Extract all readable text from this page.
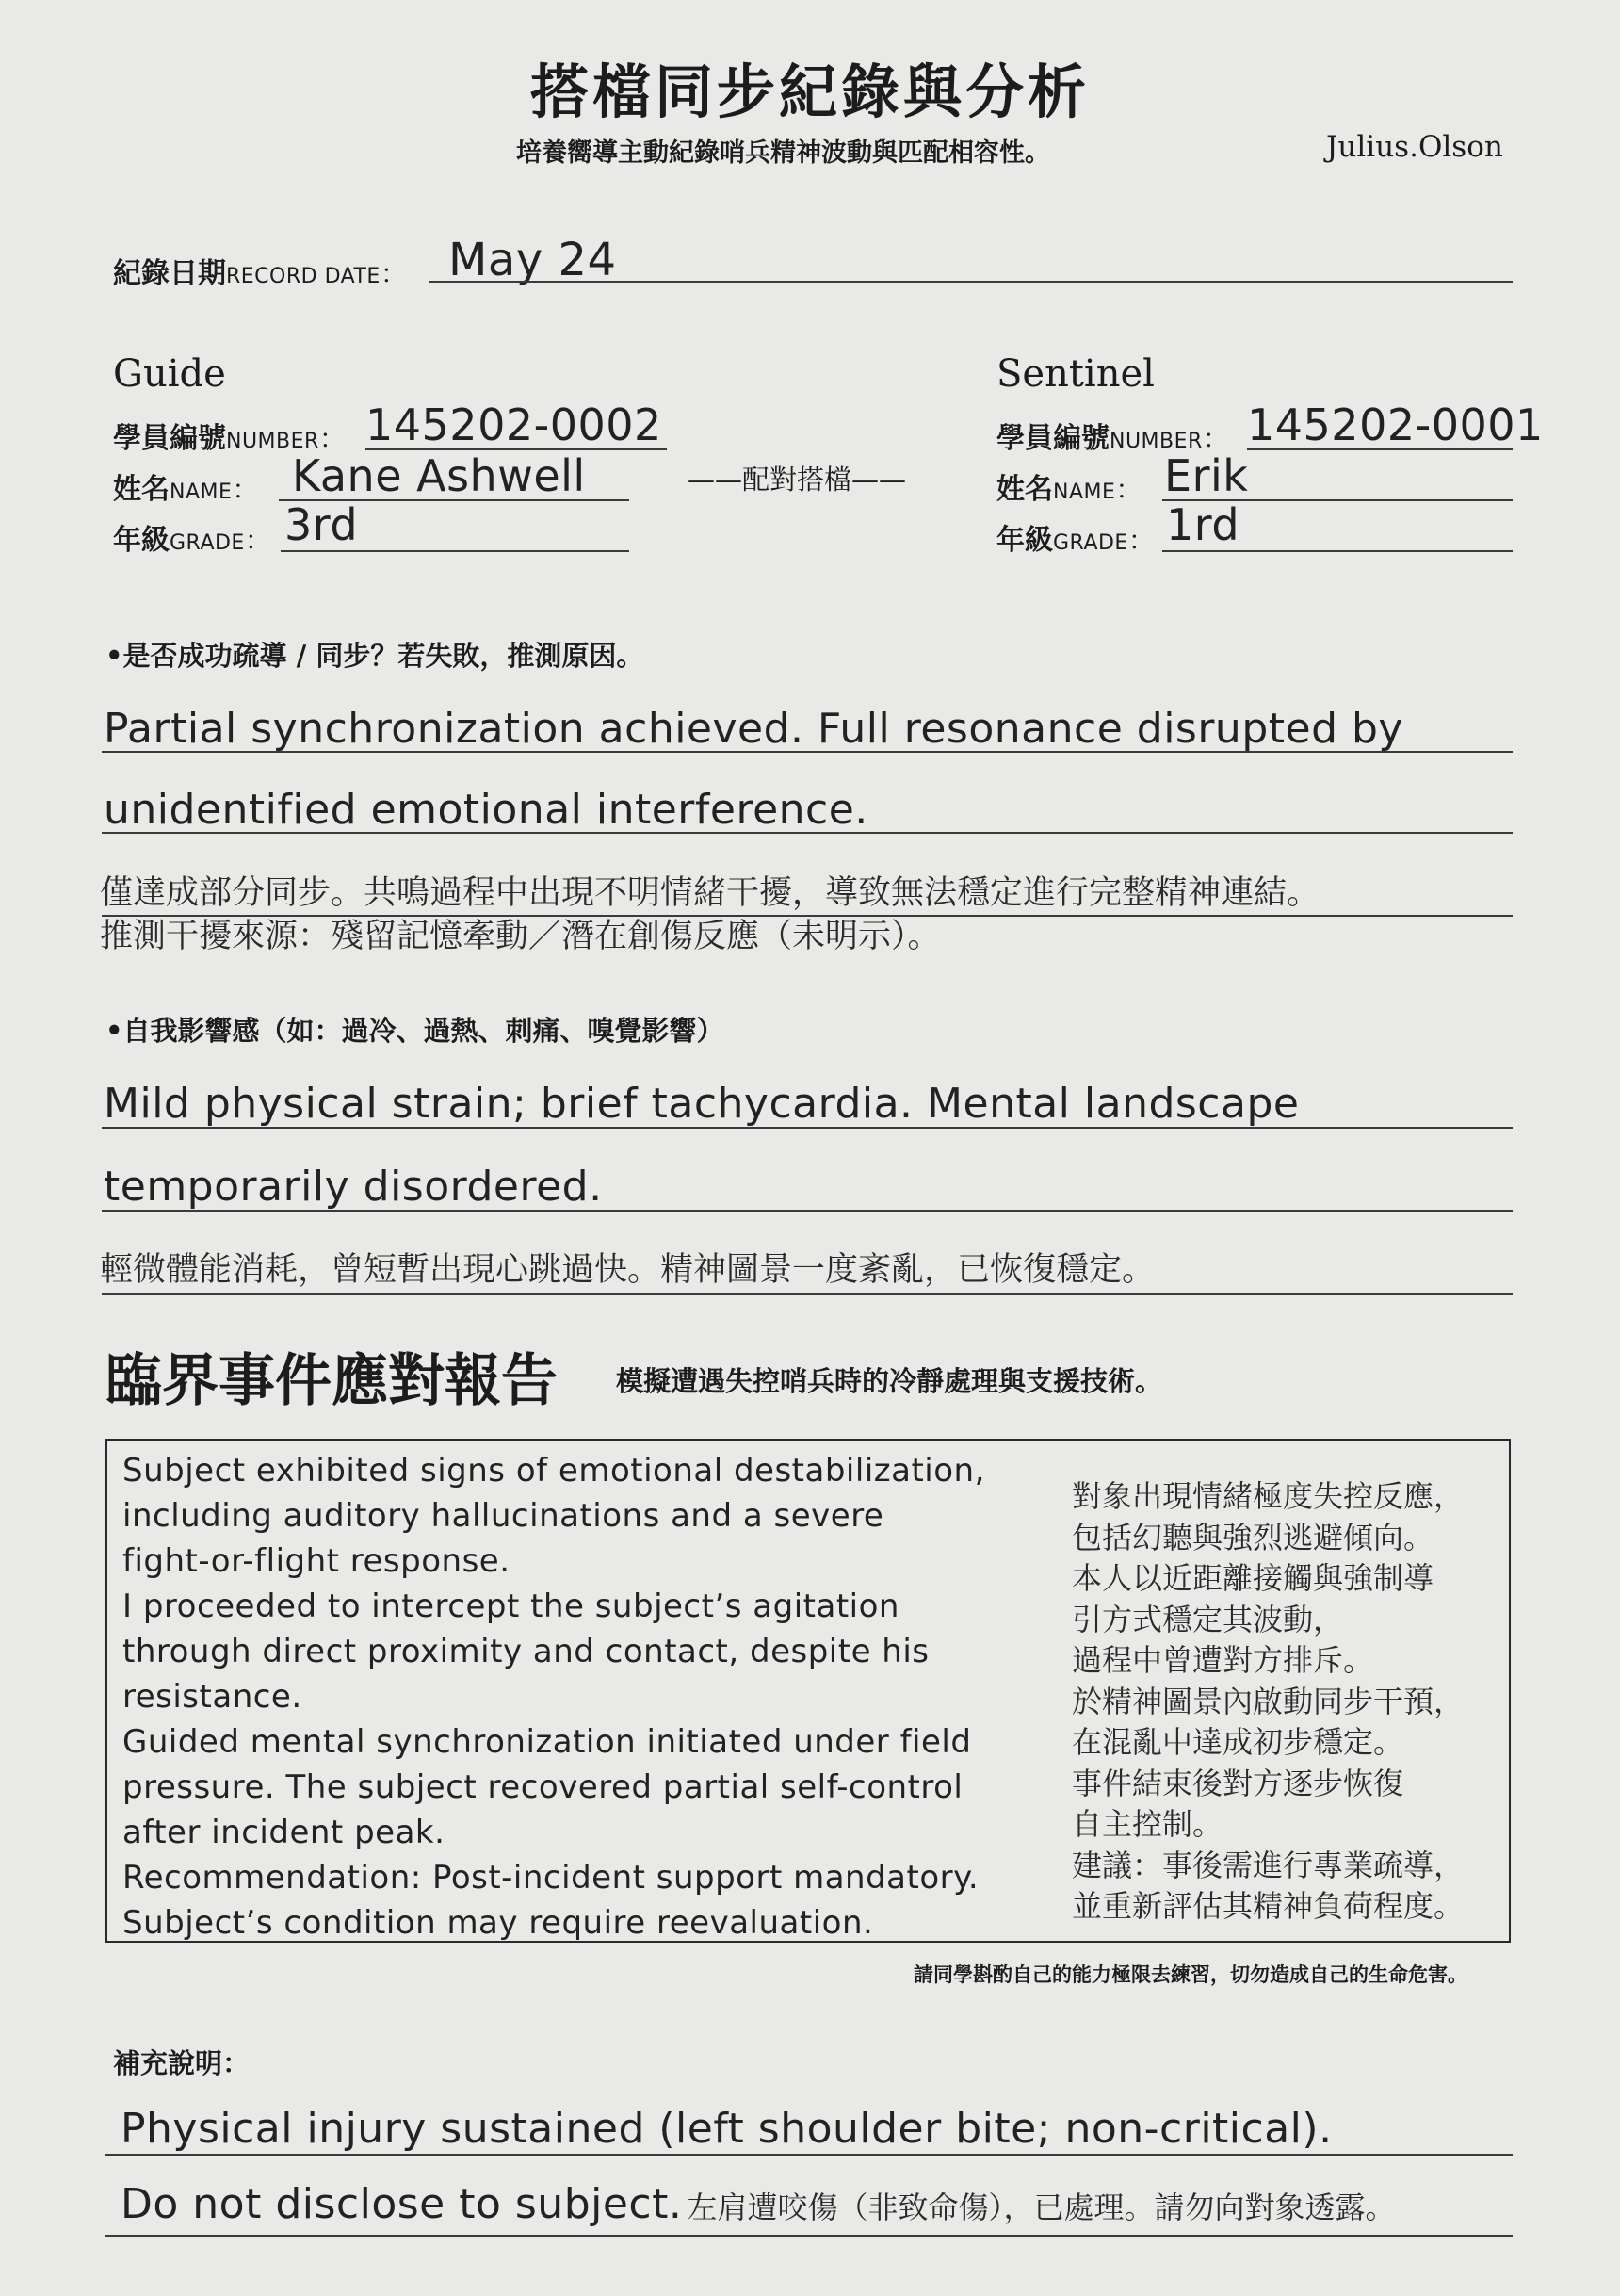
搭檔同步紀錄與分析
培養嚮導主動紀錄哨兵精神波動與匹配相容性。	Julius.Olson
紀錄日期RECORD DATE： May 24
Guide
學員編號NUMBER： 145202-0002
姓名NAME： Kane Ashwell
年級GRADE： 3rd
——配對搭檔——
Sentinel
學員編號NUMBER： 145202-0001
姓名NAME： Erik
年級GRADE： 1rd
•是否成功疏導 / 同步？若失敗，推測原因。
Partial synchronization achieved. Full resonance disrupted by
unidentified emotional interference.
僅達成部分同步。共鳴過程中出現不明情緒干擾，導致無法穩定進行完整精神連結。
推測干擾來源：殘留記憶牽動／潛在創傷反應（未明示）。
•自我影響感（如：過冷、過熱、刺痛、嗅覺影響）
Mild physical strain; brief tachycardia. Mental landscape
temporarily disordered.
輕微體能消耗，曾短暫出現心跳過快。精神圖景一度紊亂，已恢復穩定。
臨界事件應對報告 模擬遭遇失控哨兵時的冷靜處理與支援技術。
Subject exhibited signs of emotional destabilization,
including auditory hallucinations and a severe
fight-or-flight response.
I proceeded to intercept the subject’s agitation
through direct proximity and contact, despite his
resistance.
Guided mental synchronization initiated under field
pressure. The subject recovered partial self-control
after incident peak.
Recommendation: Post-incident support mandatory.
Subject’s condition may require reevaluation.
對象出現情緒極度失控反應，
包括幻聽與強烈逃避傾向。
本人以近距離接觸與強制導
引方式穩定其波動，
過程中曾遭對方排斥。
於精神圖景內啟動同步干預，
在混亂中達成初步穩定。
事件結束後對方逐步恢復
自主控制。
建議：事後需進行專業疏導，
並重新評估其精神負荷程度。
請同學斟酌自己的能力極限去練習，切勿造成自己的生命危害。
補充說明：
Physical injury sustained (left shoulder bite; non-critical).
Do not disclose to subject. 左肩遭咬傷（非致命傷），已處理。請勿向對象透露。
